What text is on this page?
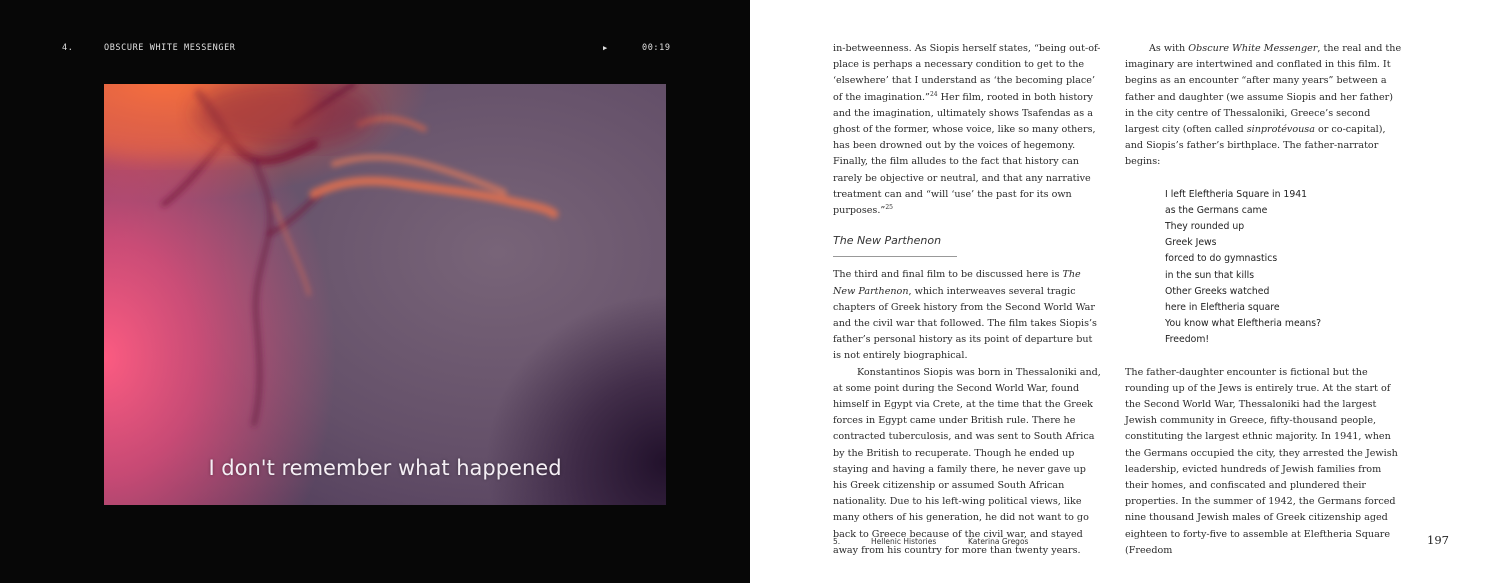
4.	OBSCURE WHITE MESSENGER	▶	00:19
I don't remember what happened

in-betweenness. As Siopis herself states, “being out-of-place is perhaps a necessary condition to get to the ‘elsewhere’ that I understand as ‘the becoming place’ of the imagination.”$^{24}$ Her film, rooted in both history and the imagination, ultimately shows Tsafendas as a ghost of the former, whose voice, like so many others, has been drowned out by the voices of hegemony. Finally, the film alludes to the fact that history can rarely be objective or neutral, and that any narrative treatment can and “will ‘use’ the past for its own purposes.”$^{25}$

The New Parthenon

The third and final film to be discussed here is The New Parthenon, which interweaves several tragic chapters of Greek history from the Second World War and the civil war that followed. The film takes Siopis’s father’s personal history as its point of departure but is not entirely biographical.

Konstantinos Siopis was born in Thessaloniki and, at some point during the Second World War, found himself in Egypt via Crete, at the time that the Greek forces in Egypt came under British rule. There he contracted tuberculosis, and was sent to South Africa by the British to recuperate. Though he ended up staying and having a family there, he never gave up his Greek citizenship or assumed South African nationality. Due to his left-wing political views, like many others of his generation, he did not want to go back to Greece because of the civil war, and stayed away from his country for more than twenty years.

As with Obscure White Messenger, the real and the imaginary are intertwined and conflated in this film. It begins as an encounter “after many years” between a father and daughter (we assume Siopis and her father) in the city centre of Thessaloniki, Greece’s second largest city (often called sinprotévousa or co-capital), and Siopis’s father’s birthplace. The father-narrator begins:

I left Eleftheria Square in 1941
as the Germans came
They rounded up
Greek Jews
forced to do gymnastics
in the sun that kills
Other Greeks watched
here in Eleftheria square
You know what Eleftheria means?
Freedom!

The father-daughter encounter is fictional but the rounding up of the Jews is entirely true. At the start of the Second World War, Thessaloniki had the largest Jewish community in Greece, fifty-thousand people, constituting the largest ethnic majority. In 1941, when the Germans occupied the city, they arrested the Jewish leadership, evicted hundreds of Jewish families from their homes, and confiscated and plundered their properties. In the summer of 1942, the Germans forced nine thousand Jewish males of Greek citizenship aged eighteen to forty-five to assemble at Eleftheria Square (Freedom

5.	Hellenic Histories	Katerina Gregos	197
